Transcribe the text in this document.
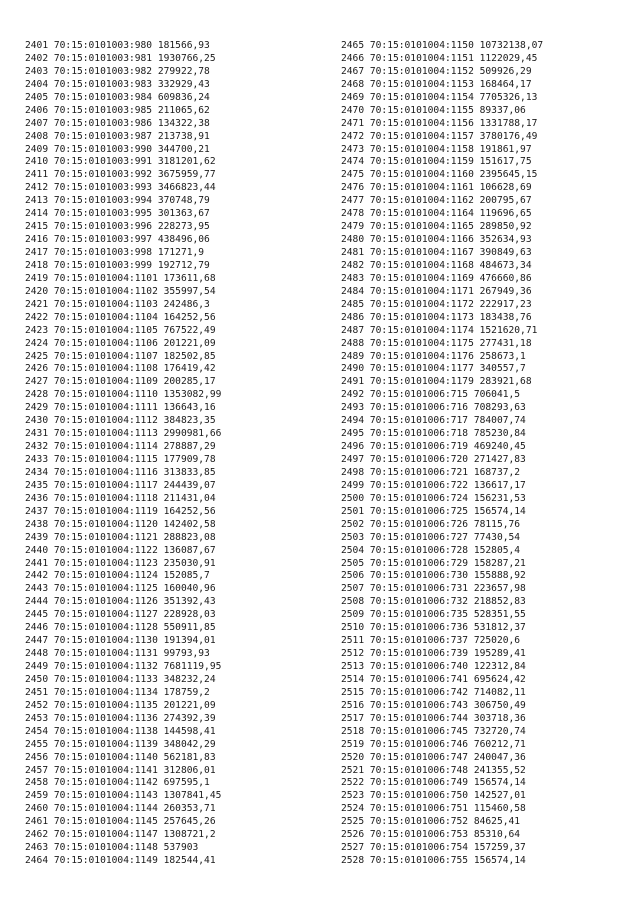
2401 70:15:0101003:980 181566,93
2402 70:15:0101003:981 1930766,25
2403 70:15:0101003:982 279922,78
2404 70:15:0101003:983 332929,43
2405 70:15:0101003:984 609836,24
2406 70:15:0101003:985 211065,62
2407 70:15:0101003:986 134322,38
2408 70:15:0101003:987 213738,91
2409 70:15:0101003:990 344700,21
2410 70:15:0101003:991 3181201,62
2411 70:15:0101003:992 3675959,77
2412 70:15:0101003:993 3466823,44
2413 70:15:0101003:994 370748,79
2414 70:15:0101003:995 301363,67
2415 70:15:0101003:996 228273,95
2416 70:15:0101003:997 438496,06
2417 70:15:0101003:998 171271,9
2418 70:15:0101003:999 192712,79
2419 70:15:0101004:1101 173611,68
2420 70:15:0101004:1102 355997,54
2421 70:15:0101004:1103 242486,3
2422 70:15:0101004:1104 164252,56
2423 70:15:0101004:1105 767522,49
2424 70:15:0101004:1106 201221,09
2425 70:15:0101004:1107 182502,85
2426 70:15:0101004:1108 176419,42
2427 70:15:0101004:1109 200285,17
2428 70:15:0101004:1110 1353082,99
2429 70:15:0101004:1111 136643,16
2430 70:15:0101004:1112 384823,35
2431 70:15:0101004:1113 2990981,66
2432 70:15:0101004:1114 278887,29
2433 70:15:0101004:1115 177909,78
2434 70:15:0101004:1116 313833,85
2435 70:15:0101004:1117 244439,07
2436 70:15:0101004:1118 211431,04
2437 70:15:0101004:1119 164252,56
2438 70:15:0101004:1120 142402,58
2439 70:15:0101004:1121 288823,08
2440 70:15:0101004:1122 136087,67
2441 70:15:0101004:1123 235030,91
2442 70:15:0101004:1124 152085,7
2443 70:15:0101004:1125 160040,96
2444 70:15:0101004:1126 351392,43
2445 70:15:0101004:1127 228928,03
2446 70:15:0101004:1128 550911,85
2447 70:15:0101004:1130 191394,01
2448 70:15:0101004:1131 99793,93
2449 70:15:0101004:1132 7681119,95
2450 70:15:0101004:1133 348232,24
2451 70:15:0101004:1134 178759,2
2452 70:15:0101004:1135 201221,09
2453 70:15:0101004:1136 274392,39
2454 70:15:0101004:1138 144598,41
2455 70:15:0101004:1139 348042,29
2456 70:15:0101004:1140 562181,83
2457 70:15:0101004:1141 312806,01
2458 70:15:0101004:1142 697595,1
2459 70:15:0101004:1143 1307841,45
2460 70:15:0101004:1144 260353,71
2461 70:15:0101004:1145 257645,26
2462 70:15:0101004:1147 1308721,2
2463 70:15:0101004:1148 537903
2464 70:15:0101004:1149 182544,41
2465 70:15:0101004:1150 10732138,07
2466 70:15:0101004:1151 1122029,45
2467 70:15:0101004:1152 509926,29
2468 70:15:0101004:1153 168464,17
2469 70:15:0101004:1154 7705326,13
2470 70:15:0101004:1155 89337,06
2471 70:15:0101004:1156 1331788,17
2472 70:15:0101004:1157 3780176,49
2473 70:15:0101004:1158 191861,97
2474 70:15:0101004:1159 151617,75
2475 70:15:0101004:1160 2395645,15
2476 70:15:0101004:1161 106628,69
2477 70:15:0101004:1162 200795,67
2478 70:15:0101004:1164 119696,65
2479 70:15:0101004:1165 289850,92
2480 70:15:0101004:1166 352634,93
2481 70:15:0101004:1167 390849,63
2482 70:15:0101004:1168 484673,34
2483 70:15:0101004:1169 476660,86
2484 70:15:0101004:1171 267949,36
2485 70:15:0101004:1172 222917,23
2486 70:15:0101004:1173 183438,76
2487 70:15:0101004:1174 1521620,71
2488 70:15:0101004:1175 277431,18
2489 70:15:0101004:1176 258673,1
2490 70:15:0101004:1177 340557,7
2491 70:15:0101004:1179 283921,68
2492 70:15:0101006:715 706041,5
2493 70:15:0101006:716 708293,63
2494 70:15:0101006:717 784007,74
2495 70:15:0101006:718 785230,84
2496 70:15:0101006:719 469240,45
2497 70:15:0101006:720 271427,83
2498 70:15:0101006:721 168737,2
2499 70:15:0101006:722 136617,17
2500 70:15:0101006:724 156231,53
2501 70:15:0101006:725 156574,14
2502 70:15:0101006:726 78115,76
2503 70:15:0101006:727 77430,54
2504 70:15:0101006:728 152805,4
2505 70:15:0101006:729 158287,21
2506 70:15:0101006:730 155888,92
2507 70:15:0101006:731 223657,98
2508 70:15:0101006:732 218852,83
2509 70:15:0101006:735 528351,55
2510 70:15:0101006:736 531812,37
2511 70:15:0101006:737 725020,6
2512 70:15:0101006:739 195289,41
2513 70:15:0101006:740 122312,84
2514 70:15:0101006:741 695624,42
2515 70:15:0101006:742 714082,11
2516 70:15:0101006:743 306750,49
2517 70:15:0101006:744 303718,36
2518 70:15:0101006:745 732720,74
2519 70:15:0101006:746 760212,71
2520 70:15:0101006:747 240047,36
2521 70:15:0101006:748 241355,52
2522 70:15:0101006:749 156574,14
2523 70:15:0101006:750 142527,01
2524 70:15:0101006:751 115460,58
2525 70:15:0101006:752 84625,41
2526 70:15:0101006:753 85310,64
2527 70:15:0101006:754 157259,37
2528 70:15:0101006:755 156574,14
